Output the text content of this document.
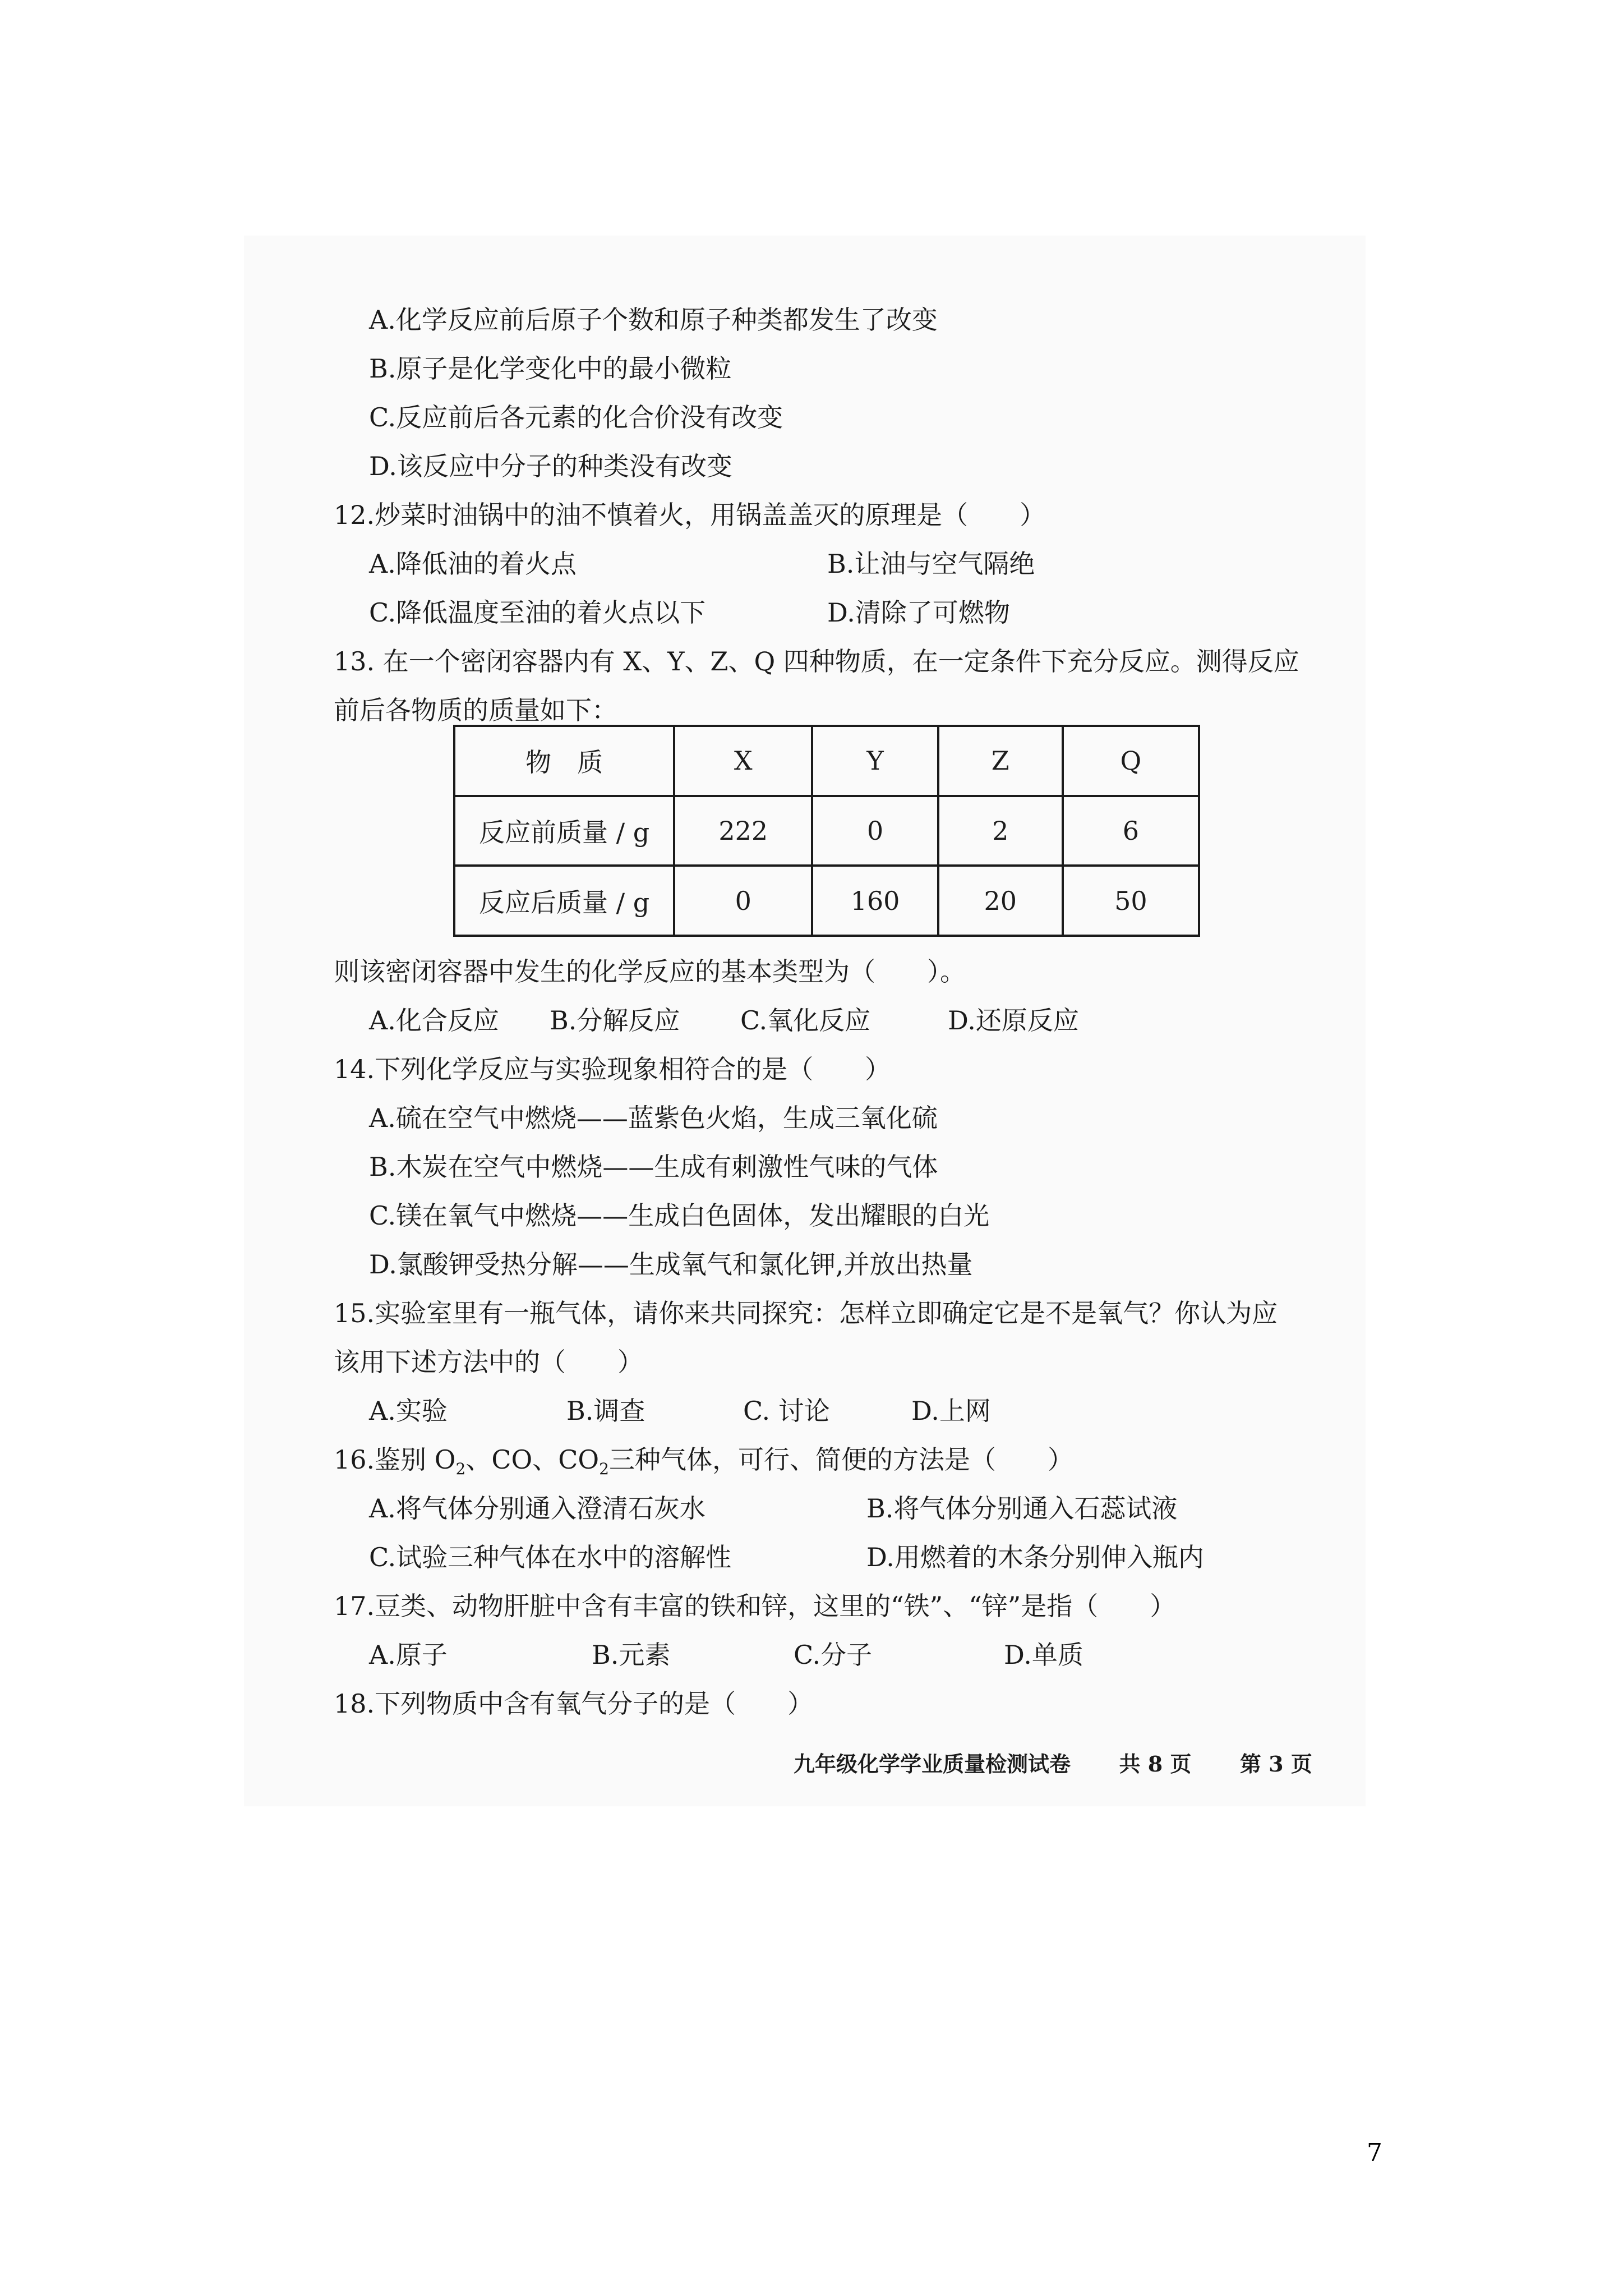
A.化学反应前后原子个数和原子种类都发生了改变
B.原子是化学变化中的最小微粒
C.反应前后各元素的化合价没有改变
D.该反应中分子的种类没有改变
12.炒菜时油锅中的油不慎着火，用锅盖盖灭的原理是（　　）
A.降低油的着火点	B.让油与空气隔绝
C.降低温度至油的着火点以下	D.清除了可燃物
13. 在一个密闭容器内有 X、Y、Z、Q 四种物质，在一定条件下充分反应。测得反应
前后各物质的质量如下：
物　质	X	Y	Z	Q
反应前质量 / g	222	0	2	6
反应后质量 / g	0	160	20	50
则该密闭容器中发生的化学反应的基本类型为（　　）。
A.化合反应 B.分解反应 C.氧化反应	D.还原反应
14.下列化学反应与实验现象相符合的是（　　）
A.硫在空气中燃烧——蓝紫色火焰，生成三氧化硫
B.木炭在空气中燃烧——生成有刺激性气味的气体
C.镁在氧气中燃烧——生成白色固体，发出耀眼的白光
D.氯酸钾受热分解——生成氧气和氯化钾,并放出热量
15.实验室里有一瓶气体，请你来共同探究：怎样立即确定它是不是氧气？你认为应
该用下述方法中的（　　）
A.实验	B.调查	C. 讨论	D.上网
16.鉴别 $O_2$、CO、$CO_2$三种气体，可行、简便的方法是（　　）
A.将气体分别通入澄清石灰水	B.将气体分别通入石蕊试液
C.试验三种气体在水中的溶解性	D.用燃着的木条分别伸入瓶内
17.豆类、动物肝脏中含有丰富的铁和锌，这里的“铁”、“锌”是指（　　）
A.原子	B.元素	C.分子	D.单质
18.下列物质中含有氧气分子的是（　　）
九年级化学学业质量检测试卷 共 8 页 第 3 页
7
